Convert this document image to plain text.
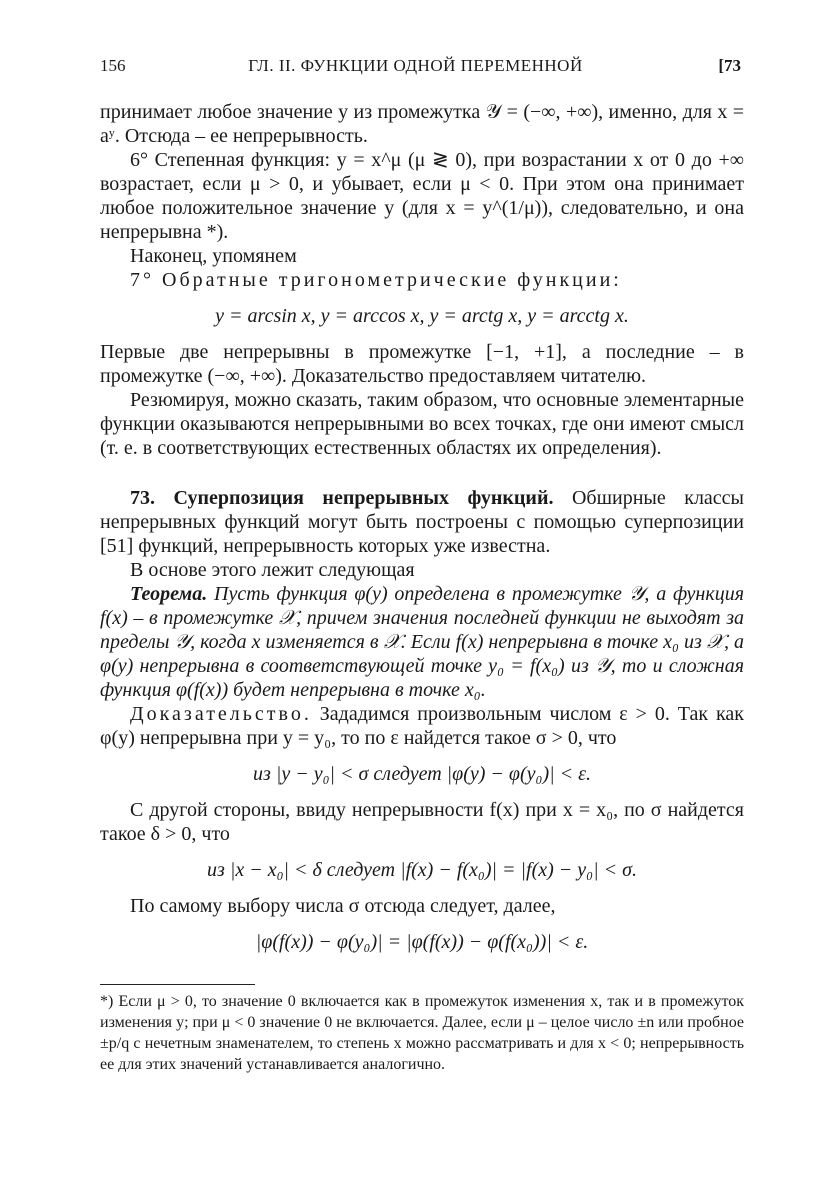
156	ГЛ. II. ФУНКЦИИ ОДНОЙ ПЕРЕМЕННОЙ	[73

принимает любое значение y из промежутка 𝒴 = (−∞, +∞), именно, для x = aʸ. Отсюда – ее непрерывность.

6° Степенная функция: y = x^μ (μ ≷ 0), при возрастании x от 0 до +∞ возрастает, если μ > 0, и убывает, если μ < 0. При этом она принимает любое положительное значение y (для x = y^(1/μ)), следовательно, и она непрерывна *).

Наконец, упомянем

7° Обратные тригонометрические функции:

y = arcsin x, y = arccos x, y = arctg x, y = arcctg x.

Первые две непрерывны в промежутке [−1, +1], а последние – в промежутке (−∞, +∞). Доказательство предоставляем читателю.

Резюмируя, можно сказать, таким образом, что основные элементарные функции оказываются непрерывными во всех точках, где они имеют смысл (т. е. в соответствующих естественных областях их определения).

73. Суперпозиция непрерывных функций. Обширные классы непрерывных функций могут быть построены с помощью суперпозиции [51] функций, непрерывность которых уже известна.

В основе этого лежит следующая

Теорема. Пусть функция φ(y) определена в промежутке 𝒴, а функция f(x) – в промежутке 𝒳, причем значения последней функции не выходят за пределы 𝒴, когда x изменяется в 𝒳. Если f(x) непрерывна в точке x₀ из 𝒳, а φ(y) непрерывна в соответствующей точке y₀ = f(x₀) из 𝒴, то и сложная функция φ(f(x)) будет непрерывна в точке x₀.

Доказательство. Зададимся произвольным числом ε > 0. Так как φ(y) непрерывна при y = y₀, то по ε найдется такое σ > 0, что

из |y − y₀| < σ следует |φ(y) − φ(y₀)| < ε.

С другой стороны, ввиду непрерывности f(x) при x = x₀, по σ найдется такое δ > 0, что

из |x − x₀| < δ следует |f(x) − f(x₀)| = |f(x) − y₀| < σ.

По самому выбору числа σ отсюда следует, далее,

|φ(f(x)) − φ(y₀)| = |φ(f(x)) − φ(f(x₀))| < ε.

*) Если μ > 0, то значение 0 включается как в промежуток изменения x, так и в промежуток изменения y; при μ < 0 значение 0 не включается. Далее, если μ – целое число ±n или пробное ±p/q с нечетным знаменателем, то степень x можно рассматривать и для x < 0; непрерывность ее для этих значений устанавливается аналогично.
